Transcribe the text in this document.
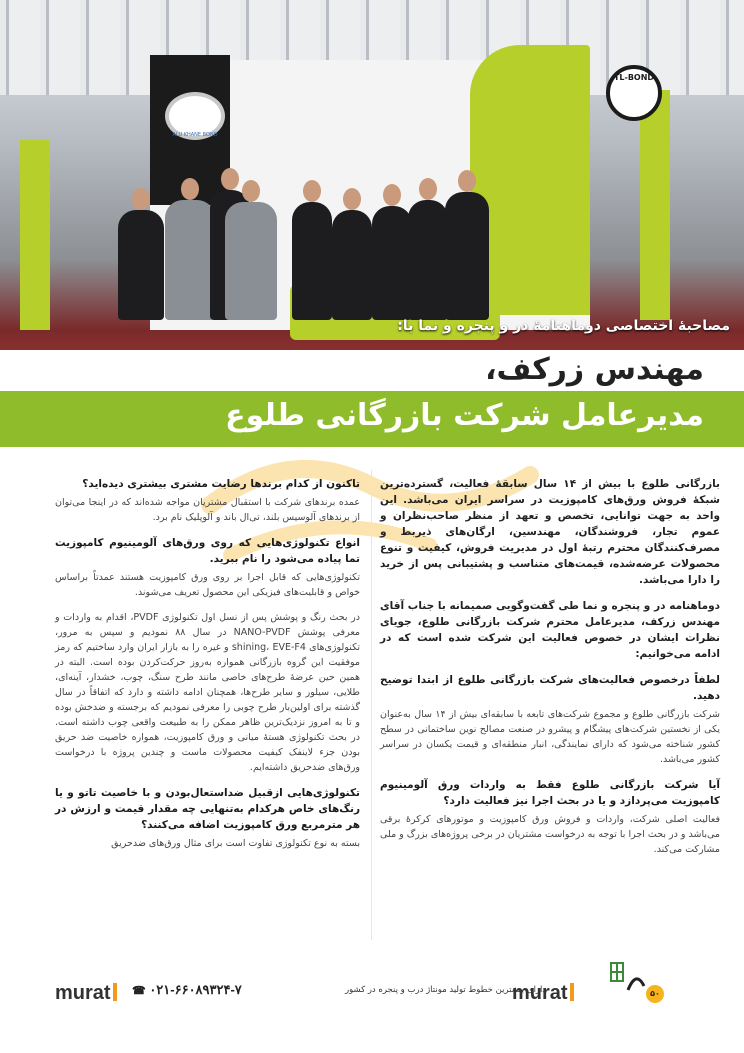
ALU KHANE BOND
TL-BOND
مصاحبهٔ اختصاصی دوماهنامهٔ در و پنجره و نما با:
مهندس زرکف،
مدیرعامل شرکت بازرگانی طلوع

بازرگانی طلوع با بیش از ۱۴ سال سابقهٔ فعالیت، گسترده‌ترین شبکهٔ فروش ورق‌های کامپوزیت در سراسر ایران می‌باشد. این واحد به جهت توانایی، تخصص و تعهد از منظر صاحب‌نظران و عموم تجار، فروشندگان، مهندسین، ارگان‌های ذیربط و مصرف‌کنندگان محترم رتبهٔ اول در مدیریت فروش، کیفیت و تنوع محصولات عرضه‌شده، قیمت‌های متناسب و پشتیبانی پس از خرید را دارا می‌باشد.

دوماهنامه در و پنجره و نما طی گفت‌وگویی صمیمانه با جناب آقای مهندس زرکف، مدیرعامل محترم شرکت بازرگانی طلوع، جویای نظرات ایشان در خصوص فعالیت این شرکت شده است که در ادامه می‌خوانیم:

لطفاً درخصوص فعالیت‌های شرکت بازرگانی طلوع از ابتدا توضیح دهید.

شرکت بازرگانی طلوع و مجموع شرکت‌های تابعه با سابقه‌ای بیش از ۱۴ سال به‌عنوان یکی از نخستین شرکت‌های پیشگام و پیشرو در صنعت مصالح نوین ساختمانی در سطح کشور شناخته می‌شود که دارای نمایندگی، انبار منطقه‌ای و قیمت یکسان در سراسر کشور می‌باشد.

آیا شرکت بازرگانی طلوع فقط به واردات ورق آلومینیوم کامپوزیت می‌پردازد و یا در بحث اجرا نیز فعالیت دارد؟

فعالیت اصلی شرکت، واردات و فروش ورق کامپوزیت و موتورهای کرکرهٔ برقی می‌باشد و در بحث اجرا با توجه به درخواست مشتریان در برخی پروژه‌های بزرگ و ملی مشارکت می‌کند.

تاکنون از کدام برندها رضایت مشتری بیشتری دیده‌اید؟

عمده برندهای شرکت با استقبال مشتریان مواجه شده‌اند که در اینجا می‌توان از برندهای آلوسیس بلند، تی‌ال باند و آلوپلیک نام برد.

انواع تکنولوژی‌هایی که روی ورق‌های آلومینیوم کامپوزیت تما پیاده می‌شود را نام ببرید.

تکنولوژی‌هایی که قابل اجرا بر روی ورق کامپوزیت هستند عمدتاً براساس خواص و قابلیت‌های فیزیکی این محصول تعریف می‌شوند.

در بحث رنگ و پوشش پس از نسل اول تکنولوژی PVDF، اقدام به واردات و معرفی پوشش NANO-PVDF در سال ۸۸ نمودیم و سپس به مرور، تکنولوژی‌های shining، EVE-F4 و غیره را به بازار ایران وارد ساختیم که رمز موفقیت این گروه بازرگانی همواره به‌روز حرکت‌کردن بوده است. البته در همین حین عرضهٔ طرح‌های خاصی مانند طرح سنگ، چوب، خشدار، آینه‌ای، طلایی، سیلور و سایر طرح‌ها، همچنان ادامه داشته و دارد که اتفاقاً در سال گذشته برای اولین‌بار طرح چوبی را معرفی نمودیم که برجسته و ضدخش بوده و تا به امروز نزدیک‌ترین ظاهر ممکن را به طبیعت واقعی چوب داشته است. در بحث تکنولوژی هستهٔ میانی و ورق کامپوزیت، همواره خاصیت ضد حریق بودن جزء لاینفک کیفیت محصولات ماست و چندین پروژه با درخواست ورق‌های ضدحریق داشته‌ایم.

تکنولوژی‌هایی ازقبیل ضداستعال‌بودن و با خاصیت تاتو و یا رنگ‌های خاص هرکدام به‌تنهایی چه مقدار قیمت و ارزش در هر مترمربع ورق کامپوزیت اضافه می‌کنند؟

بسته به نوع تکنولوژی تفاوت است برای مثال ورق‌های ضدحریق

murat	☎ ۰۲۱-۶۶۰۸۹۳۲۴-۷	دارای بیشترین خطوط تولید مونتاژ درب و پنجره در کشور
murat	۵۰
